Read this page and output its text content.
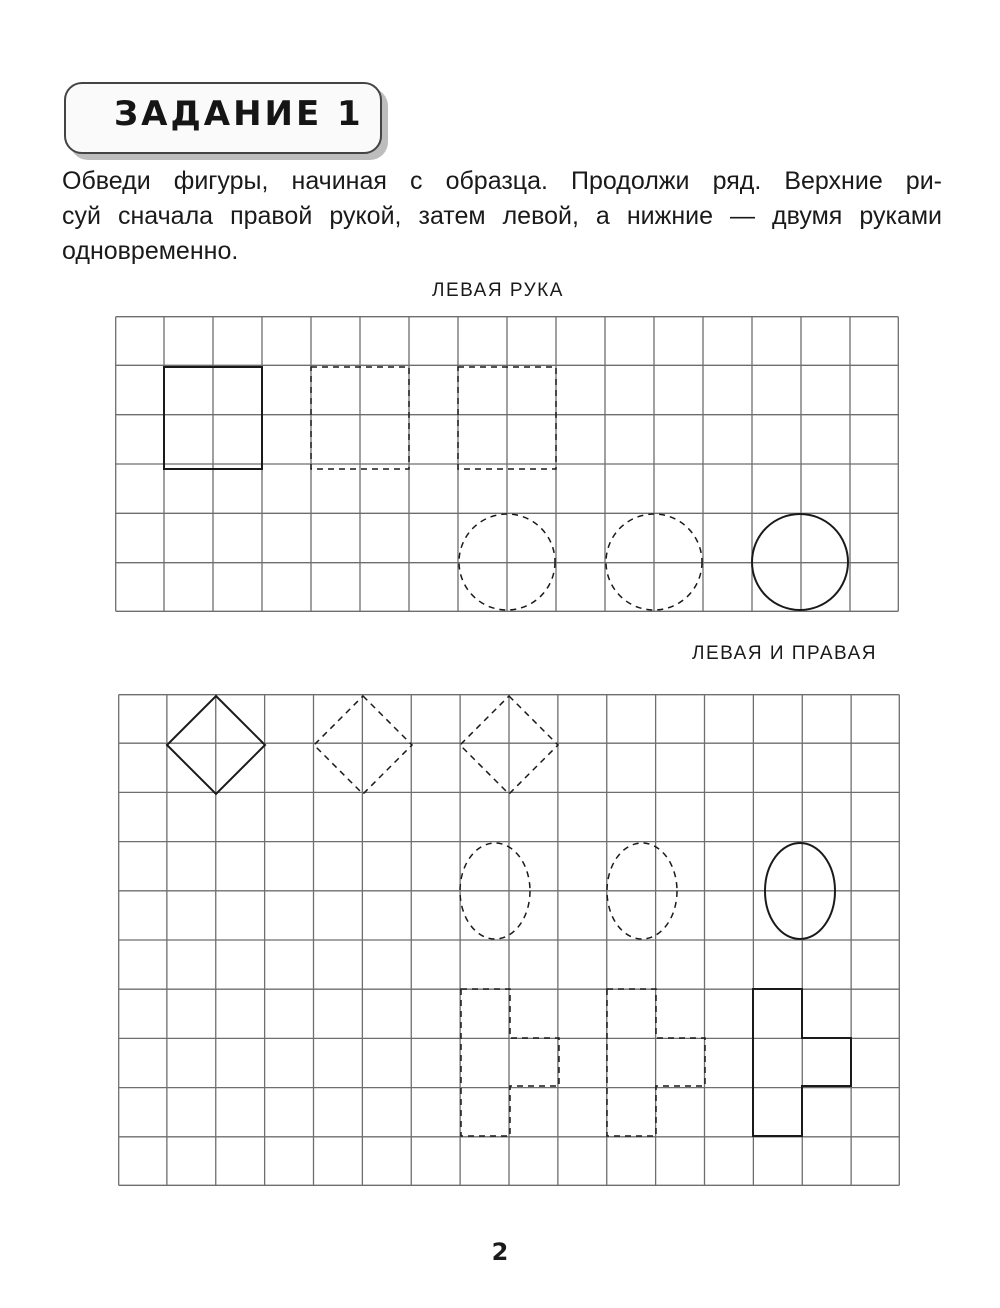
ЗАДАНИЕ 1
Обведи фигуры, начиная с образца. Продолжи ряд. Верхние ри-
суй сначала правой рукой, затем левой, а нижние — двумя руками
одновременно.
ЛЕВАЯ РУКА
ЛЕВАЯ И ПРАВАЯ
2
